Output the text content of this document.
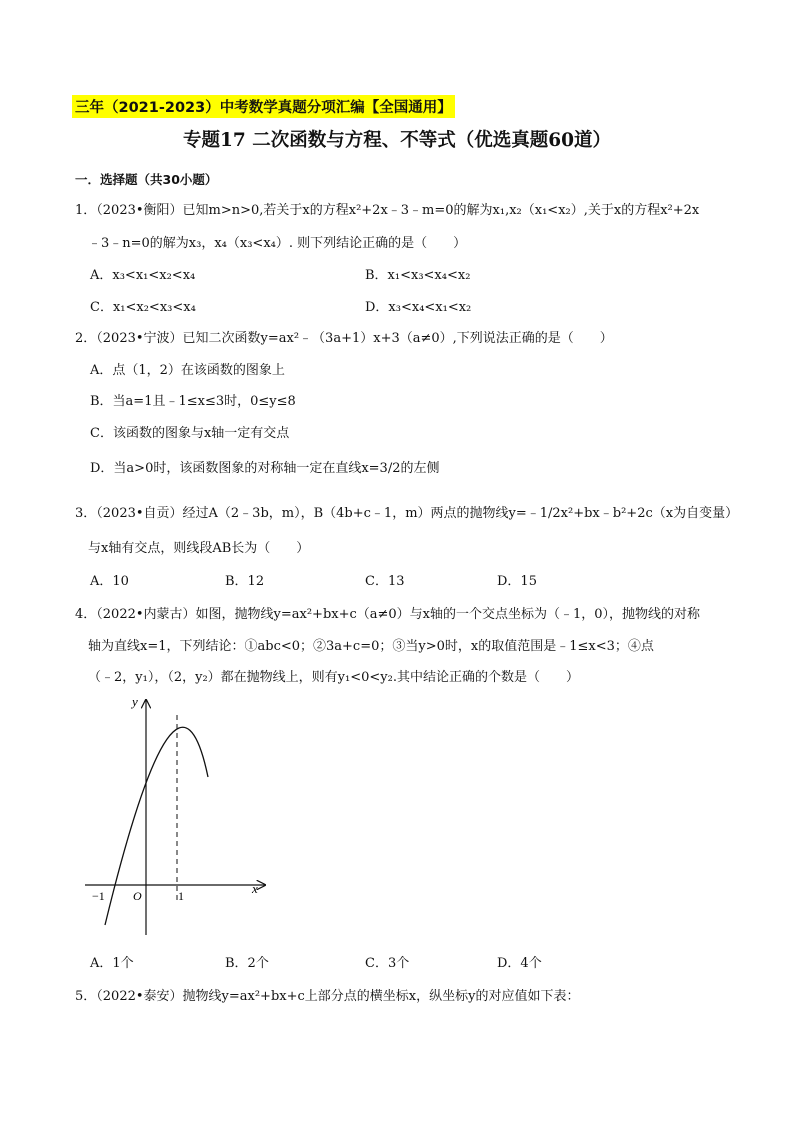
三年（2021-2023）中考数学真题分项汇编【全国通用】
专题17 二次函数与方程、不等式（优选真题60道）
一．选择题（共30小题）
1．（2023•衡阳）已知m>n>0,若关于x的方程x²+2x﹣3﹣m=0的解为x₁,x₂（x₁<x₂）,关于x的方程x²+2x
﹣3﹣n=0的解为x₃，x₄（x₃<x₄）. 则下列结论正确的是（　　）
A．x₃<x₁<x₂<x₄	B．x₁<x₃<x₄<x₂
C．x₁<x₂<x₃<x₄	D．x₃<x₄<x₁<x₂
2．（2023•宁波）已知二次函数y=ax²﹣（3a+1）x+3（a≠0）,下列说法正确的是（　　）
A．点（1，2）在该函数的图象上
B．当a=1且﹣1≤x≤3时，0≤y≤8
C．该函数的图象与x轴一定有交点
D．当a>0时，该函数图象的对称轴一定在直线x=3/2的左侧
3．（2023•自贡）经过A（2﹣3b，m），B（4b+c﹣1，m）两点的抛物线y=﹣1/2x²+bx﹣b²+2c（x为自变量）
与x轴有交点，则线段AB长为（　　）
A．10	B．12	C．13	D．15
4．（2022•内蒙古）如图，抛物线y=ax²+bx+c（a≠0）与x轴的一个交点坐标为（﹣1，0），抛物线的对称
轴为直线x=1，下列结论：①abc<0；②3a+c=0；③当y>0时，x的取值范围是﹣1≤x<3；④点
（﹣2，y₁），（2，y₂）都在抛物线上，则有y₁<0<y₂.其中结论正确的个数是（　　）
y
x
O
−1	1
A．1个	B．2个	C．3个	D．4个
5．（2022•泰安）抛物线y=ax²+bx+c上部分点的横坐标x，纵坐标y的对应值如下表：
